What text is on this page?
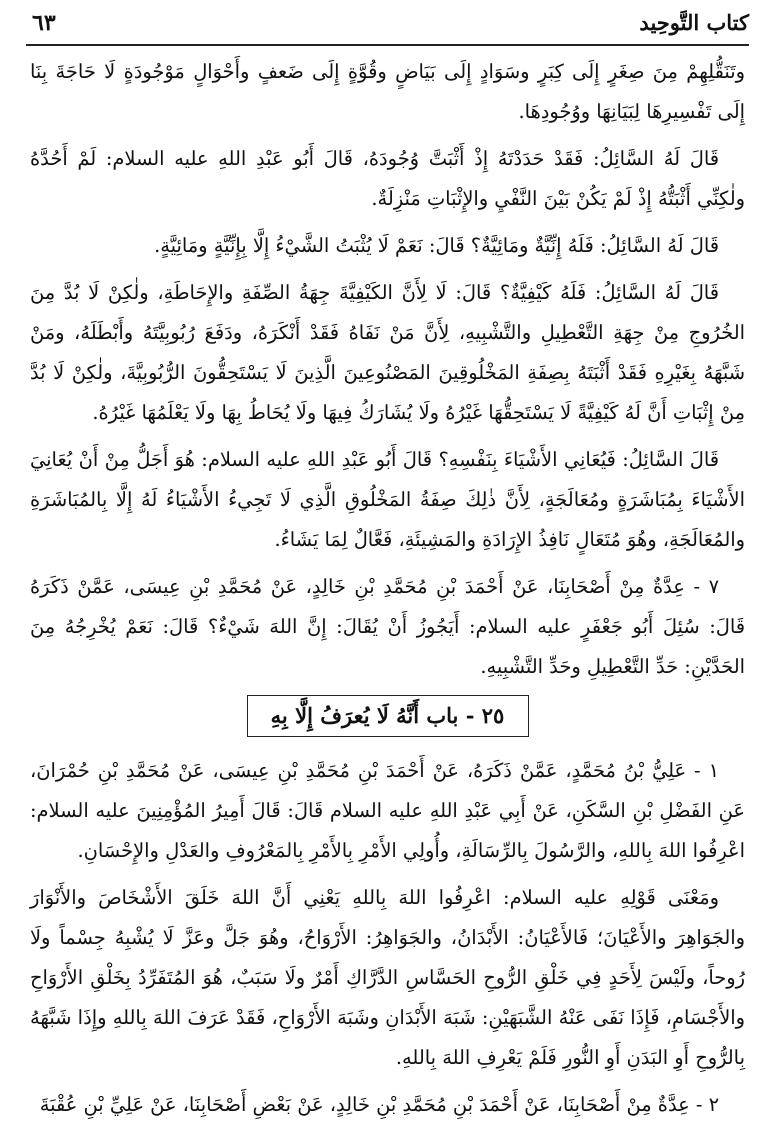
كتاب التَّوحِيد
٦٣

وتَنَقُّلِهِمْ مِنَ صِغَرٍ إِلَى كِبَرٍ وسَوَادٍ إِلَى بَيَاضٍ وقُوَّةٍ إِلَى ضَعفٍ وأَحْوَالٍ مَوْجُودَةٍ لَا حَاجَةَ بِنَا إِلَى تَفْسِيرِهَا لِبَيَانِهَا ووُجُودِهَا.

قَالَ لَهُ السَّائِلُ: فَقَدْ حَدَدْتَهُ إِذْ أَثْبَتَّ وُجُودَهُ، قَالَ أَبُو عَبْدِ اللهِ عليه السلام: لَمْ أَحُدَّهُ ولٰكِنِّي أَثْبَتُّهُ إِذْ لَمْ يَكُنْ بَيْنَ النَّفْيِ والإِثْبَاتِ مَنْزِلَةٌ.

قَالَ لَهُ السَّائِلُ: فَلَهُ إِنِّيَّةٌ ومَائِيَّةٌ؟ قَالَ: نَعَمْ لَا يُثْبَتُ الشَّيْءُ إِلَّا بِإِنِّيَّةٍ ومَائِيَّةٍ.

قَالَ لَهُ السَّائِلُ: فَلَهُ كَيْفِيَّةٌ؟ قَالَ: لَا لِأَنَّ الكَيْفِيَّةَ جِهَةُ الصِّفَةِ والإِحَاطَةِ، ولٰكِنْ لَا بُدَّ مِنَ الخُرُوجِ مِنْ جِهَةِ التَّعْطِيلِ والتَّشْبِيهِ، لِأَنَّ مَنْ نَفَاهُ فَقَدْ أَنْكَرَهُ، ودَفَعَ رُبُوبِيَّتَهُ وأَبْطَلَهُ، ومَنْ شَبَّهَهُ بِغَيْرِهِ فَقَدْ أَثْبَتَهُ بِصِفَةِ المَخْلُوقِينَ المَصْنُوعِينَ الَّذِينَ لَا يَسْتَحِقُّونَ الرُّبُوبِيَّةَ، ولٰكِنْ لَا بُدَّ مِنْ إِثْبَاتِ أَنَّ لَهُ كَيْفِيَّةً لَا يَسْتَحِقُّهَا غَيْرُهُ ولَا يُشَارَكُ فِيهَا ولَا يُحَاطُ بِهَا ولَا يَعْلَمُهَا غَيْرُهُ.

قَالَ السَّائِلُ: فَيُعَانِي الأَشْيَاءَ بِنَفْسِهِ؟ قَالَ أَبُو عَبْدِ اللهِ عليه السلام: هُوَ أَجَلُّ مِنْ أَنْ يُعَانِيَ الأَشْيَاءَ بِمُبَاشَرَةٍ ومُعَالَجَةٍ، لِأَنَّ ذٰلِكَ صِفَةُ المَخْلُوقِ الَّذِي لَا تَجِيءُ الأَشْيَاءُ لَهُ إِلَّا بِالمُبَاشَرَةِ والمُعَالَجَةِ، وهُوَ مُتَعَالٍ نَافِذُ الإِرَادَةِ والمَشِيئَةِ، فَعَّالٌ لِمَا يَشَاءُ.

٧ - عِدَّةٌ مِنْ أَصْحَابِنَا، عَنْ أَحْمَدَ بْنِ مُحَمَّدِ بْنِ خَالِدٍ، عَنْ مُحَمَّدِ بْنِ عِيسَى، عَمَّنْ ذَكَرَهُ قَالَ: سُئِلَ أَبُو جَعْفَرٍ عليه السلام: أَيَجُوزُ أَنْ يُقَالَ: إِنَّ اللهَ شَيْءٌ؟ قَالَ: نَعَمْ يُخْرِجُهُ مِنَ الحَدَّيْنِ: حَدِّ التَّعْطِيلِ وحَدِّ التَّشْبِيهِ.

٢٥ - باب أَنَّهُ لَا يُعرَفُ إِلَّا بِهِ

١ - عَلِيُّ بْنُ مُحَمَّدٍ، عَمَّنْ ذَكَرَهُ، عَنْ أَحْمَدَ بْنِ مُحَمَّدِ بْنِ عِيسَى، عَنْ مُحَمَّدِ بْنِ حُمْرَانَ، عَنِ الفَضْلِ بْنِ السَّكَنِ، عَنْ أَبِي عَبْدِ اللهِ عليه السلام قَالَ: قَالَ أَمِيرُ المُؤْمِنِينَ عليه السلام: اعْرِفُوا اللهَ بِاللهِ، والرَّسُولَ بِالرِّسَالَةِ، وأُولِي الأَمْرِ بِالأَمْرِ بِالمَعْرُوفِ والعَدْلِ والإِحْسَانِ.

ومَعْنَى قَوْلِهِ عليه السلام: اعْرِفُوا اللهَ بِاللهِ يَعْنِي أَنَّ اللهَ خَلَقَ الأَشْخَاصَ والأَنْوَارَ والجَوَاهِرَ والأَعْيَانَ؛ فَالأَعْيَانُ: الأَبْدَانُ، والجَوَاهِرُ: الأَرْوَاحُ، وهُوَ جَلَّ وعَزَّ لَا يُشْبِهُ جِسْماً ولَا رُوحاً، ولَيْسَ لِأَحَدٍ فِي خَلْقِ الرُّوحِ الحَسَّاسِ الدَّرَّاكِ أَمْرٌ ولَا سَبَبٌ، هُوَ المُتَفَرِّدُ بِخَلْقِ الأَرْوَاحِ والأَجْسَامِ، فَإِذَا نَفَى عَنْهُ الشَّبَهَيْنِ: شَبَهَ الأَبْدَانِ وشَبَهَ الأَرْوَاحِ، فَقَدْ عَرَفَ اللهَ بِاللهِ وإِذَا شَبَّهَهُ بِالرُّوحِ أَوِ البَدَنِ أَوِ النُّورِ فَلَمْ يَعْرِفِ اللهَ بِاللهِ.

٢ - عِدَّةٌ مِنْ أَصْحَابِنَا، عَنْ أَحْمَدَ بْنِ مُحَمَّدِ بْنِ خَالِدٍ، عَنْ بَعْضِ أَصْحَابِنَا، عَنْ عَلِيِّ بْنِ عُقْبَةَ
